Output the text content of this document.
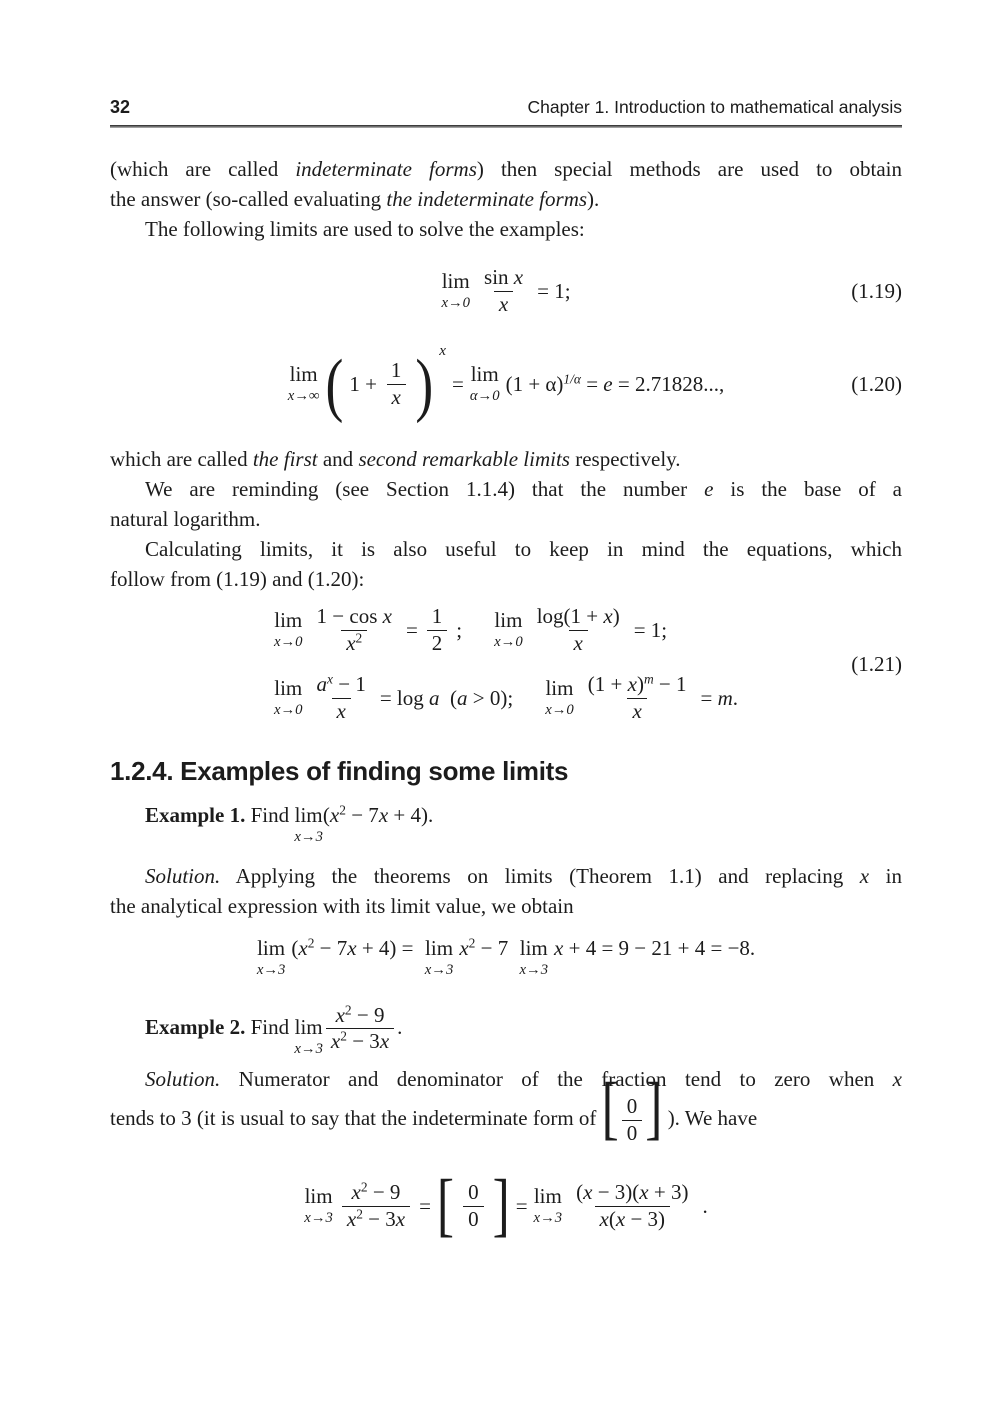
32	Chapter 1. Introduction to mathematical analysis

(which are called indeterminate forms) then special methods are used to obtain
the answer (so-called evaluating the indeterminate forms).

The following limits are used to solve the examples:

lim
$x\to 0 \frac{\text{sin x}}{x} = 1$;	(1.19)
lim
x→∞ ( $1 + \frac{1}{x}$ ) x
= lim
α→0
$(1 + \alpha)^{1/\alpha} = e = 2.71828$...,	(1.20)

which are called the first and second remarkable limits respectively.

We are reminding (see Section 1.1.4) that the number e is the base of a
natural logarithm.

Calculating limits, it is also useful to keep in mind the equations, which
follow from (1.19) and (1.20):

lim
$x\to 0 \frac{\text{1 − cos x}}{x^2} = \frac{1}{2}$ ; lim
$x\to 0 \frac{\log(1 + x)}{x} = 1$;
lim
$x\to 0 \frac{a^x - 1}{x} = \log a$  (a > 0); lim
$x\to 0 \frac{(1 + x)^m - 1}{x} = m$.
(1.21)
1.2.4. Examples of finding some limits

Example 1. Find lim
x→3
$(x^2 - 7x + 4)$.

Solution. Applying the theorems on limits (Theorem 1.1) and replacing x in
the analytical expression with its limit value, we obtain

lim
x→3
$(x^2 - 7x + 4) = \lim$
x→3
$x^2 - 7$ lim
x→3
x + 4 = 9 − 21 + 4 = −8.

Example 2. Find lim
$x\to 3 \frac{x^2 - 9}{x^2 - 3x}$ .

Solution. Numerator and denominator of the fraction tend to zero when x
tends to 3 (it is usual to say that the indeterminate form of [ $\frac{0}{0}$ ] ). We have

lim
$x\to 3 \frac{x^2 - 9}{x^2 - 3x}$ = [ $\frac{0}{0}$ ] = lim
$x\to 3 \frac{(x - 3)(x + 3)}{x(x - 3)}$ .
